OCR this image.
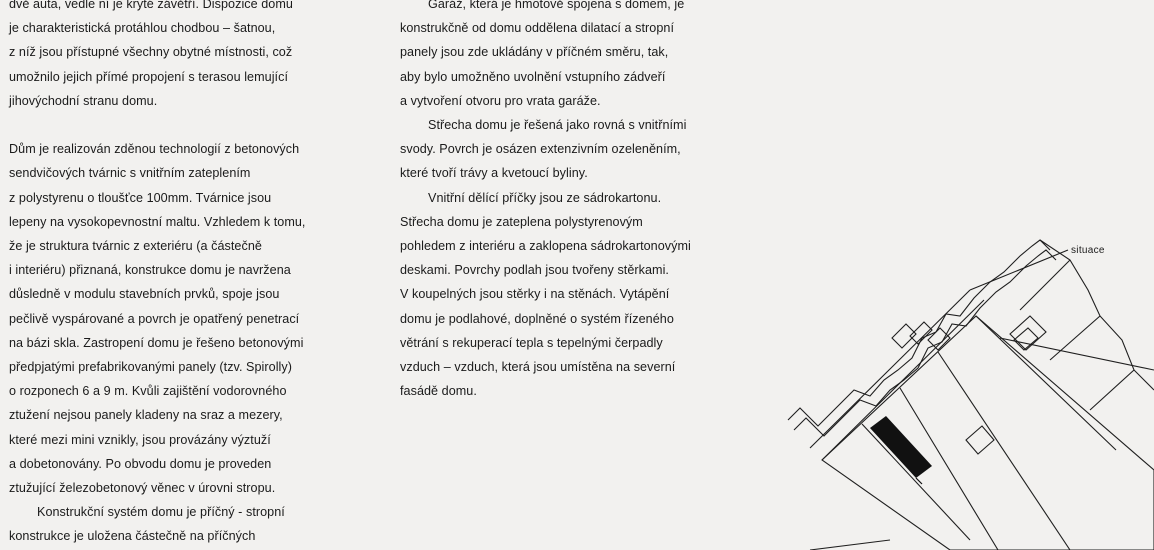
dvě auta, vedle ní je kryté závětří. Dispozice domu

je charakteristická protáhlou chodbou – šatnou,

z níž jsou přístupné všechny obytné místnosti, což

umožnilo jejich přímé propojení s terasou lemující

jihovýchodní stranu domu.

Dům je realizován zděnou technologií z betonových

sendvičových tvárnic s vnitřním zateplením

z polystyrenu o tloušťce 100mm. Tvárnice jsou

lepeny na vysokopevnostní maltu. Vzhledem k tomu,

že je struktura tvárnic z exteriéru (a částečně

i interiéru) přiznaná, konstrukce domu je navržena

důsledně v modulu stavebních prvků, spoje jsou

pečlivě vyspárované a povrch je opatřený penetrací

na bázi skla. Zastropení domu je řešeno betonovými

předpjatými prefabrikovanými panely (tzv. Spirolly)

o rozponech 6 a 9 m. Kvůli zajištění vodorovného

ztužení nejsou panely kladeny na sraz a mezery,

které mezi mini vznikly, jsou provázány výztuží

a dobetonovány. Po obvodu domu je proveden

ztužující železobetonový věnec v úrovni stropu.

Konstrukční systém domu je příčný - stropní

konstrukce je uložena částečně na příčných

Garáž, která je hmotově spojena s domem, je

konstrukčně od domu oddělena dilatací a stropní

panely jsou zde ukládány v příčném směru, tak,

aby bylo umožněno uvolnění vstupního zádveří

a vytvoření otvoru pro vrata garáže.

Střecha domu je řešená jako rovná s vnitřními

svody. Povrch je osázen extenzivním ozeleněním,

které tvoří trávy a kvetoucí byliny.

Vnitřní dělící příčky jsou ze sádrokartonu.

Střecha domu je zateplena polystyrenovým

pohledem z interiéru a zaklopena sádrokartonovými

deskami. Povrchy podlah jsou tvořeny stěrkami.

V koupelných jsou stěrky i na stěnách. Vytápění

domu je podlahové, doplněné o systém řízeného

větrání s rekuperací tepla s tepelnými čerpadly

vzduch – vzduch, která jsou umístěna na severní

fasádě domu.

situace
